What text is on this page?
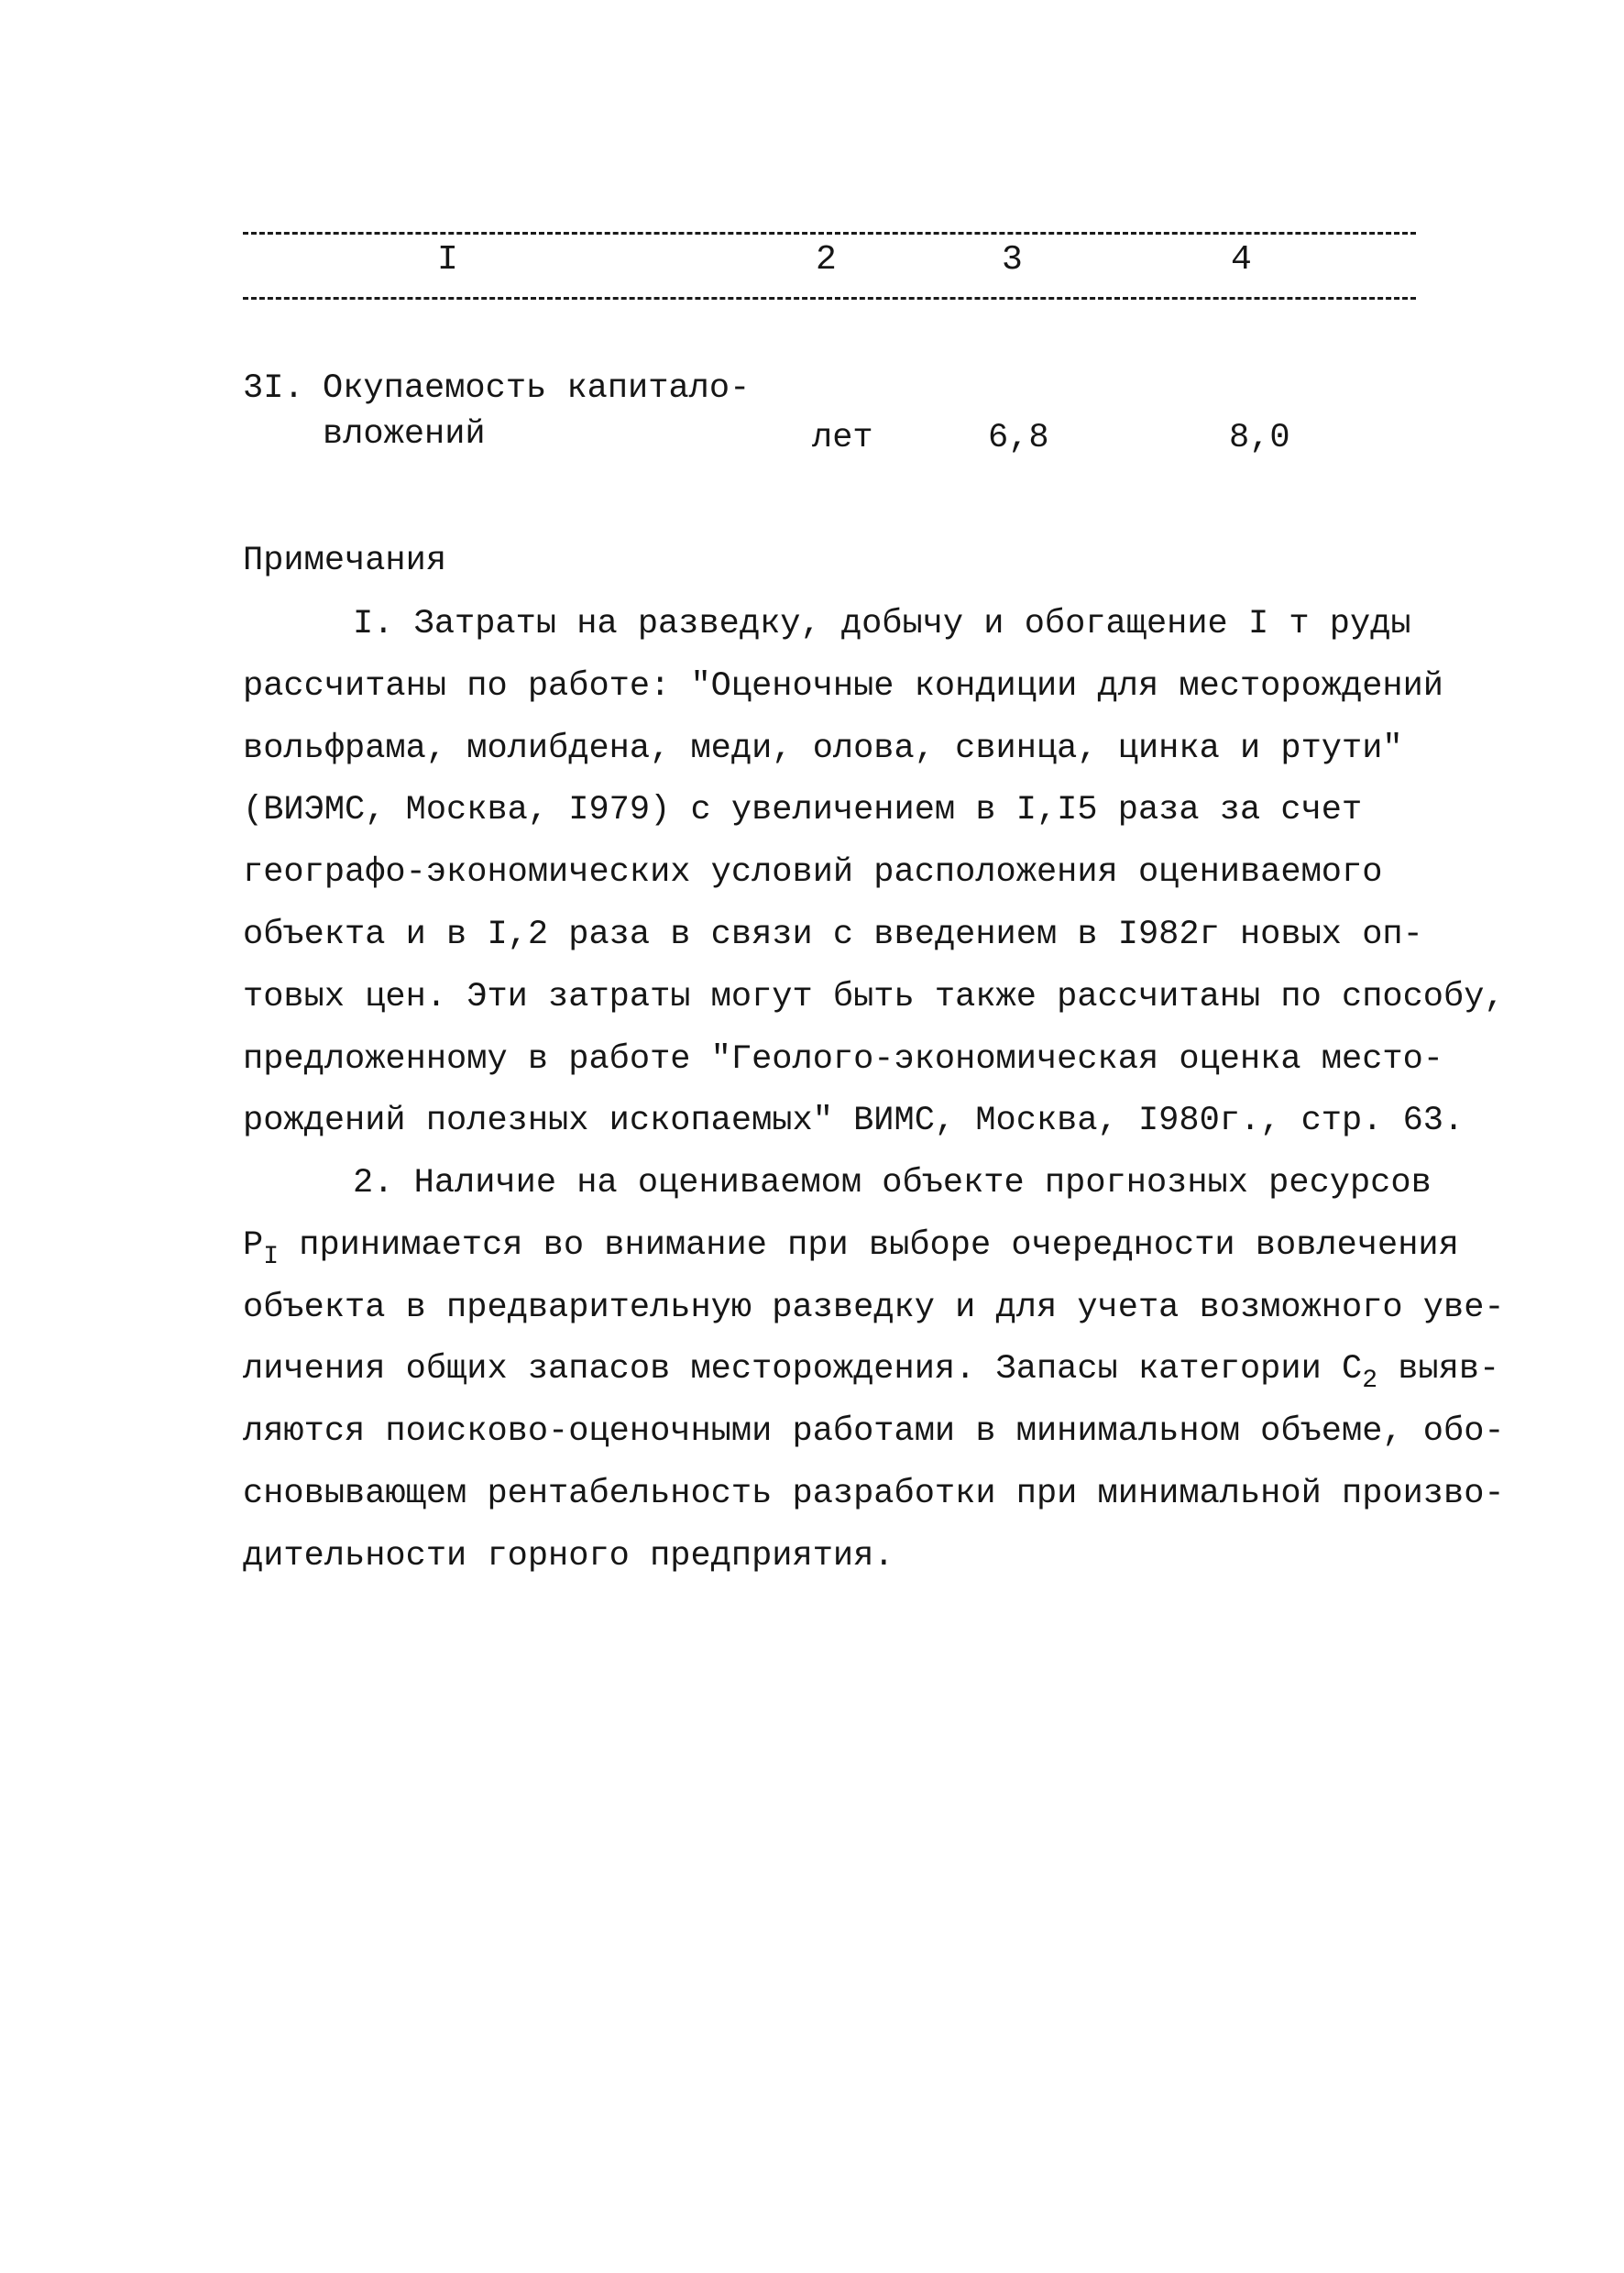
I	2	3	4
3I. Окупаемость капитало-
вложений	лет	6,8	8,0
Примечания
I. Затраты на разведку, добычу и обогащение I т руды
рассчитаны по работе: "Оценочные кондиции для месторождений
вольфрама, молибдена, меди, олова, свинца, цинка и ртути"
(ВИЭМС, Москва, I979) с увеличением в I,I5 раза за счет
географо-экономических условий расположения оцениваемого
объекта и в I,2 раза в связи с введением в I982г новых оп-
товых цен. Эти затраты могут быть также рассчитаны по способу,
предложенному в работе "Геолого-экономическая оценка место-
рождений полезных ископаемых" ВИМС, Москва, I980г., стр. 63.
2. Наличие на оцениваемом объекте прогнозных ресурсов
$Р_I$ принимается во внимание при выборе очередности вовлечения
объекта в предварительную разведку и для учета возможного уве-
личения общих запасов месторождения. Запасы категории $С_2$ выяв-
ляются поисково-оценочными работами в минимальном объеме, обо-
сновывающем рентабельность разработки при минимальной произво-
дительности горного предприятия.
